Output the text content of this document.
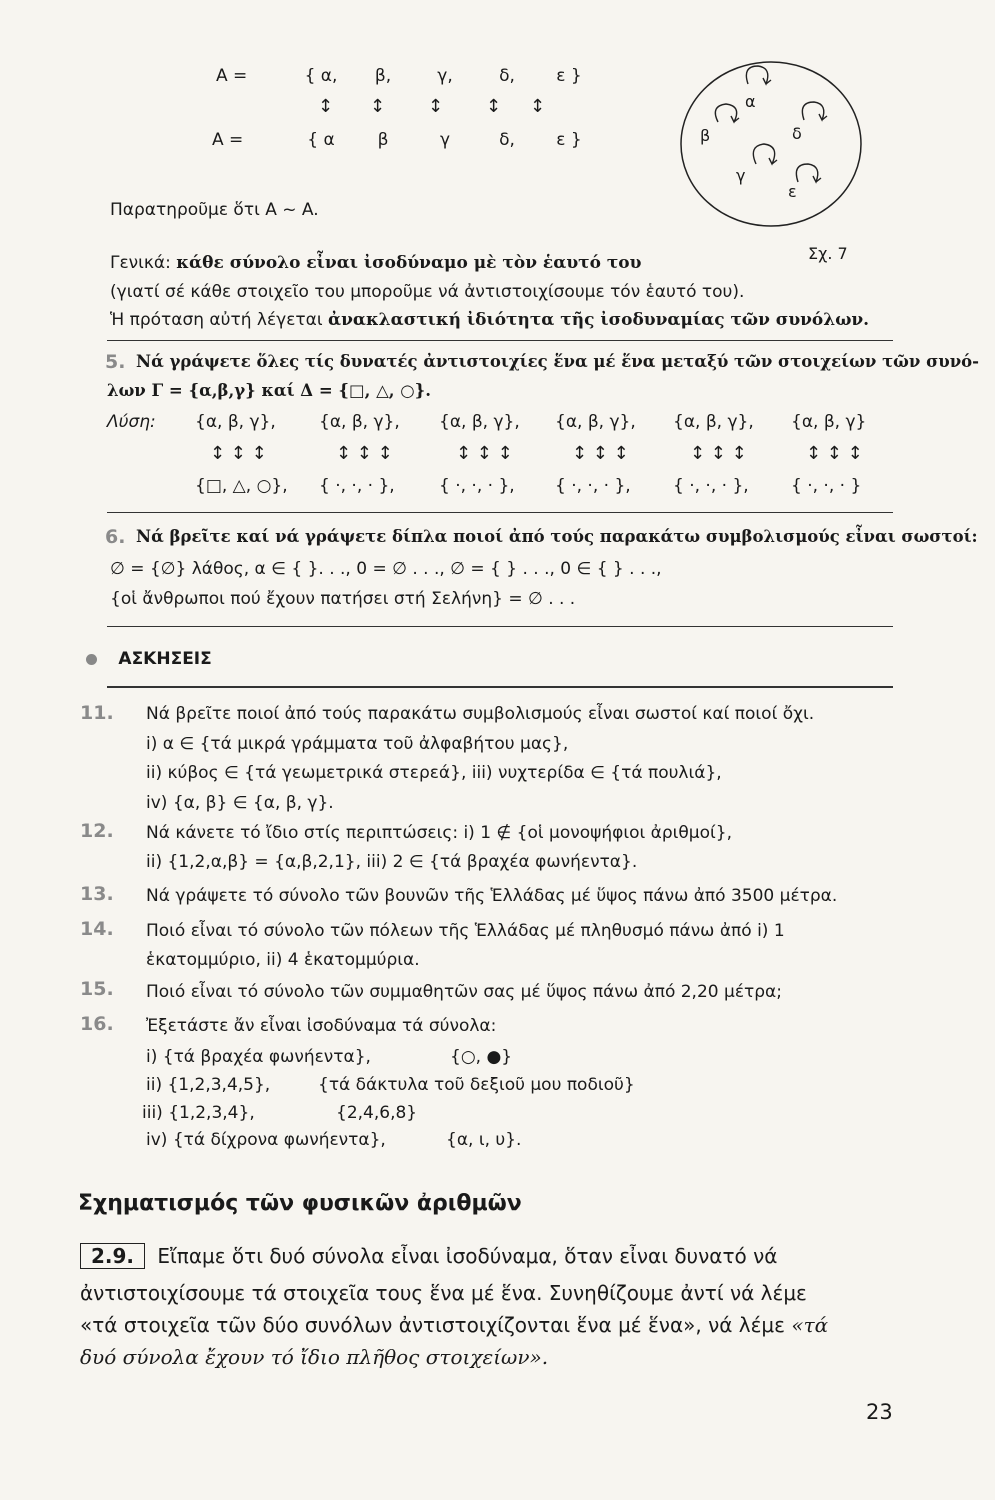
A =	{ α,	β,	γ,	δ,	ε }
↕ ↕ ↕ ↕ ↕
A =	{ α	β	γ	δ,	ε }
Παρατηροῦμε ὅτι A ~ A.
α
β	δ
γ
ε
Σχ. 7
Γενικά: κάθε σύνολο εἶναι ἰσοδύναμο μὲ τὸν ἑαυτό του
(γιατί σέ κάθε στοιχεῖο του μποροῦμε νά ἀντιστοιχίσουμε τόν ἑαυτό του).
Ἡ πρόταση αὐτή λέγεται ἀνακλαστική ἰδιότητα τῆς ἰσοδυναμίας τῶν συνόλων.
5. Νά γράψετε ὅλες τίς δυνατές ἀντιστοιχίες ἕνα μέ ἕνα μεταξύ τῶν στοιχείων τῶν συνό-
λων Γ = {α,β,γ} καί Δ = {□, △, ○}.
Λύση: {α, β, γ},	{α, β, γ}, {α, β, γ}, {α, β, γ}, {α, β, γ}, {α, β, γ}
↕ ↕ ↕	↕ ↕ ↕	↕ ↕ ↕	↕ ↕ ↕	↕ ↕ ↕	↕ ↕ ↕
{□, △, ○}, { ·, ·, · },	{ ·, ·, · }, { ·, ·, · }, { ·, ·, · }, { ·, ·, · }
6. Νά βρεῖτε καί νά γράψετε δίπλα ποιοί ἀπό τούς παρακάτω συμβολισμούς εἶναι σωστοί:
∅ = {∅} λάθος, α ∈ { }. . ., 0 = ∅ . . ., ∅ = { } . . ., 0 ∈ { } . . .,
{οἱ ἄνθρωποι πού ἔχουν πατήσει στή Σελήνη} = ∅ . . .
ΑΣΚΗΣΕΙΣ
11. Νά βρεῖτε ποιοί ἀπό τούς παρακάτω συμβολισμούς εἶναι σωστοί καί ποιοί ὄχι.
i) α ∈ {τά μικρά γράμματα τοῦ ἀλφαβήτου μας},
ii) κύβος ∈ {τά γεωμετρικά στερεά}, iii) νυχτερίδα ∈ {τά πουλιά},
iv) {α, β} ∈ {α, β, γ}.
12. Νά κάνετε τό ἴδιο στίς περιπτώσεις: i) 1 ∉ {οἱ μονοψήφιοι ἀριθμοί},
ii) {1,2,α,β} = {α,β,2,1}, iii) 2 ∈ {τά βραχέα φωνήεντα}.
13. Νά γράψετε τό σύνολο τῶν βουνῶν τῆς Ἑλλάδας μέ ὕψος πάνω ἀπό 3500 μέτρα.
14. Ποιό εἶναι τό σύνολο τῶν πόλεων τῆς Ἑλλάδας μέ πληθυσμό πάνω ἀπό i) 1
ἑκατομμύριο, ii) 4 ἑκατομμύρια.
15. Ποιό εἶναι τό σύνολο τῶν συμμαθητῶν σας μέ ὕψος πάνω ἀπό 2,20 μέτρα;
16. Ἐξετάστε ἄν εἶναι ἰσοδύναμα τά σύνολα:
i) {τά βραχέα φωνήεντα},	{○, ●}
ii) {1,2,3,4,5},	{τά δάκτυλα τοῦ δεξιοῦ μου ποδιοῦ}
iii) {1,2,3,4},	{2,4,6,8}
iv) {τά δίχρονα φωνήεντα},	{α, ι, υ}.
Σχηματισμός τῶν φυσικῶν ἀριθμῶν
2.9. Εἴπαμε ὅτι δυό σύνολα εἶναι ἰσοδύναμα, ὅταν εἶναι δυνατό νά
ἀντιστοιχίσουμε τά στοιχεῖα τους ἕνα μέ ἕνα. Συνηθίζουμε ἀντί νά λέμε
«τά στοιχεῖα τῶν δύο συνόλων ἀντιστοιχίζονται ἕνα μέ ἕνα», νά λέμε «τά
δυό σύνολα ἔχουν τό ἴδιο πλῆθος στοιχείων».
23
